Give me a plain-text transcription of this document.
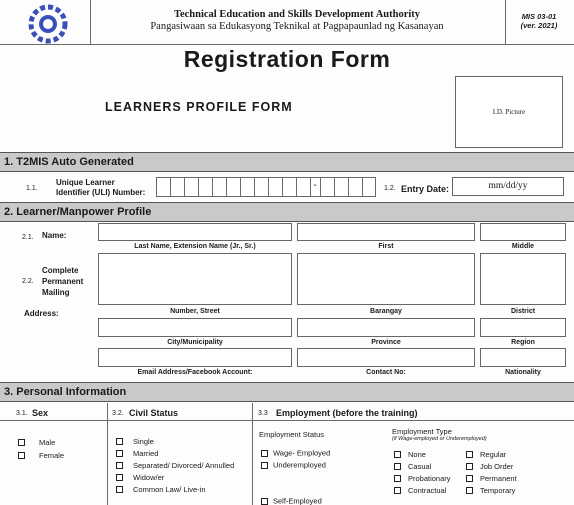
Technical Education and Skills Development Authority
Pangasiwaan sa Edukasyong Teknikal at Pagpapaunlad ng Kasanayan
MIS 03-01
(ver. 2021)
Registration Form
LEARNERS PROFILE FORM	I.D. Picture
1. T2MIS Auto Generated
1.1.
Unique Learner
Identifier (ULI) Number:
-	1.2. Entry Date:	mm/dd/yy
2. Learner/Manpower Profile
2.1. Name:
Last Name, Extension Name (Jr., Sr.)	First	Middle
2.2.
Complete
Permanent
Mailing
Address:	Number, Street	Barangay	District
City/Municipality	Province	Region
Email Address/Facebook Account:	Contact No:	Nationality
3. Personal Information
3.1. Sex
Male
Female
3.2. Civil Status
Single
Married
Separated/ Divorced/ Annulled
Widow/er
Common Law/ Live-in
3.3 Employment (before the training)
Employment Status
Wage- Employed
Underemployed
Self-Employed
Employment Type
(if Wage-employed or Underemployed)
None
Casual
Probationary
Contractual
Regular
Job Order
Permanent
Temporary
